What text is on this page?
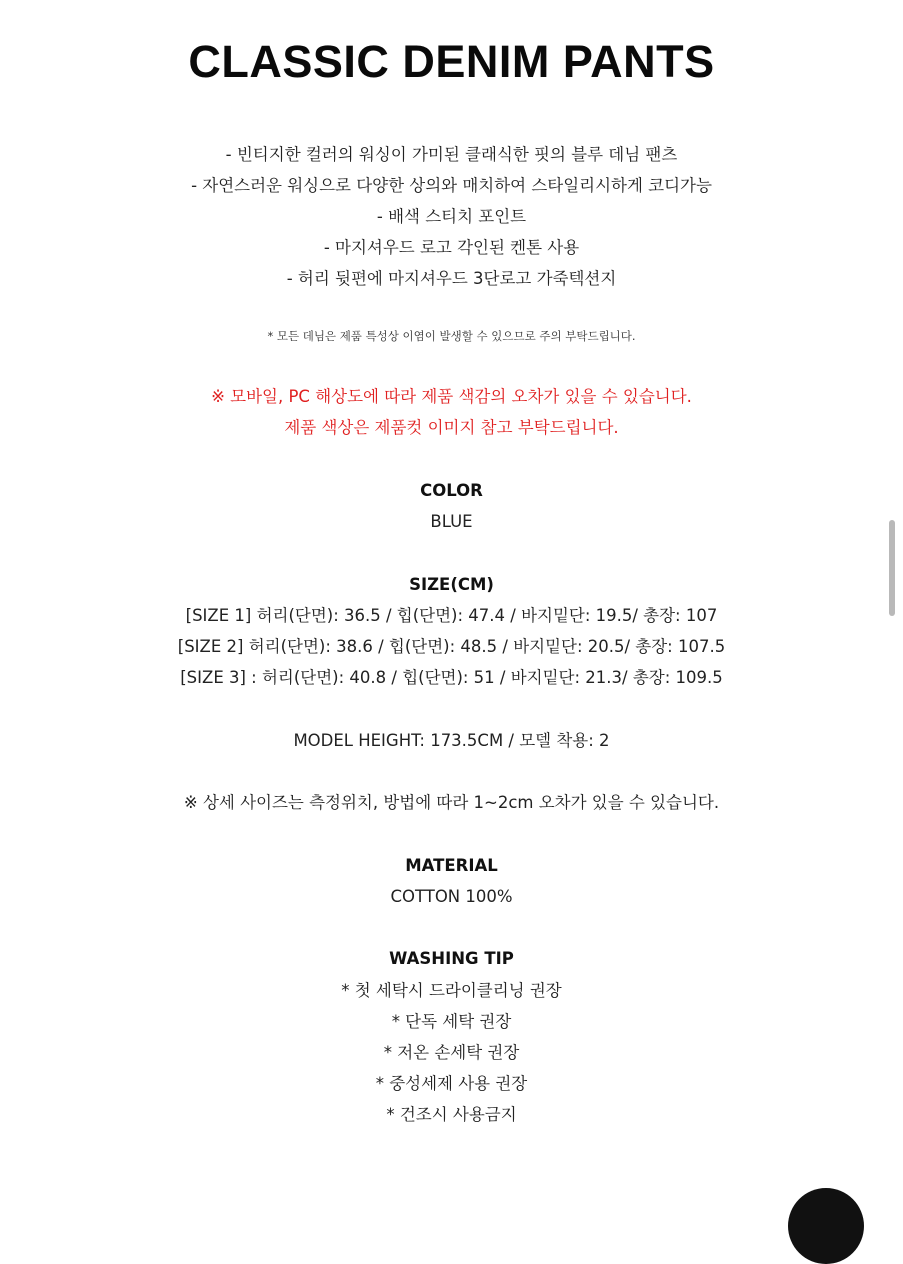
CLASSIC DENIM PANTS
- 빈티지한 컬러의 워싱이 가미된 클래식한 핏의 블루 데님 팬츠
- 자연스러운 워싱으로 다양한 상의와 매치하여 스타일리시하게 코디가능
- 배색 스티치 포인트
- 마지셔우드 로고 각인된 켄톤 사용
- 허리 뒷편에 마지셔우드 3단로고 가죽텍션지
* 모든 데님은 제품 특성상 이염이 발생할 수 있으므로 주의 부탁드립니다.
※ 모바일, PC 해상도에 따라 제품 색감의 오차가 있을 수 있습니다.
제품 색상은 제품컷 이미지 참고 부탁드립니다.
COLOR
BLUE
SIZE(CM)
[SIZE 1] 허리(단면): 36.5 / 힙(단면): 47.4 / 바지밑단: 19.5/ 총장: 107
[SIZE 2] 허리(단면): 38.6 / 힙(단면): 48.5 / 바지밑단: 20.5/ 총장: 107.5
[SIZE 3] : 허리(단면): 40.8 / 힙(단면): 51 / 바지밑단: 21.3/ 총장: 109.5
MODEL HEIGHT: 173.5CM / 모델 착용: 2
※ 상세 사이즈는 측정위치, 방법에 따라 1~2cm 오차가 있을 수 있습니다.
MATERIAL
COTTON 100%
WASHING TIP
* 첫 세탁시 드라이클리닝 권장
* 단독 세탁 권장
* 저온 손세탁 권장
* 중성세제 사용 권장
* 건조시 사용금지
